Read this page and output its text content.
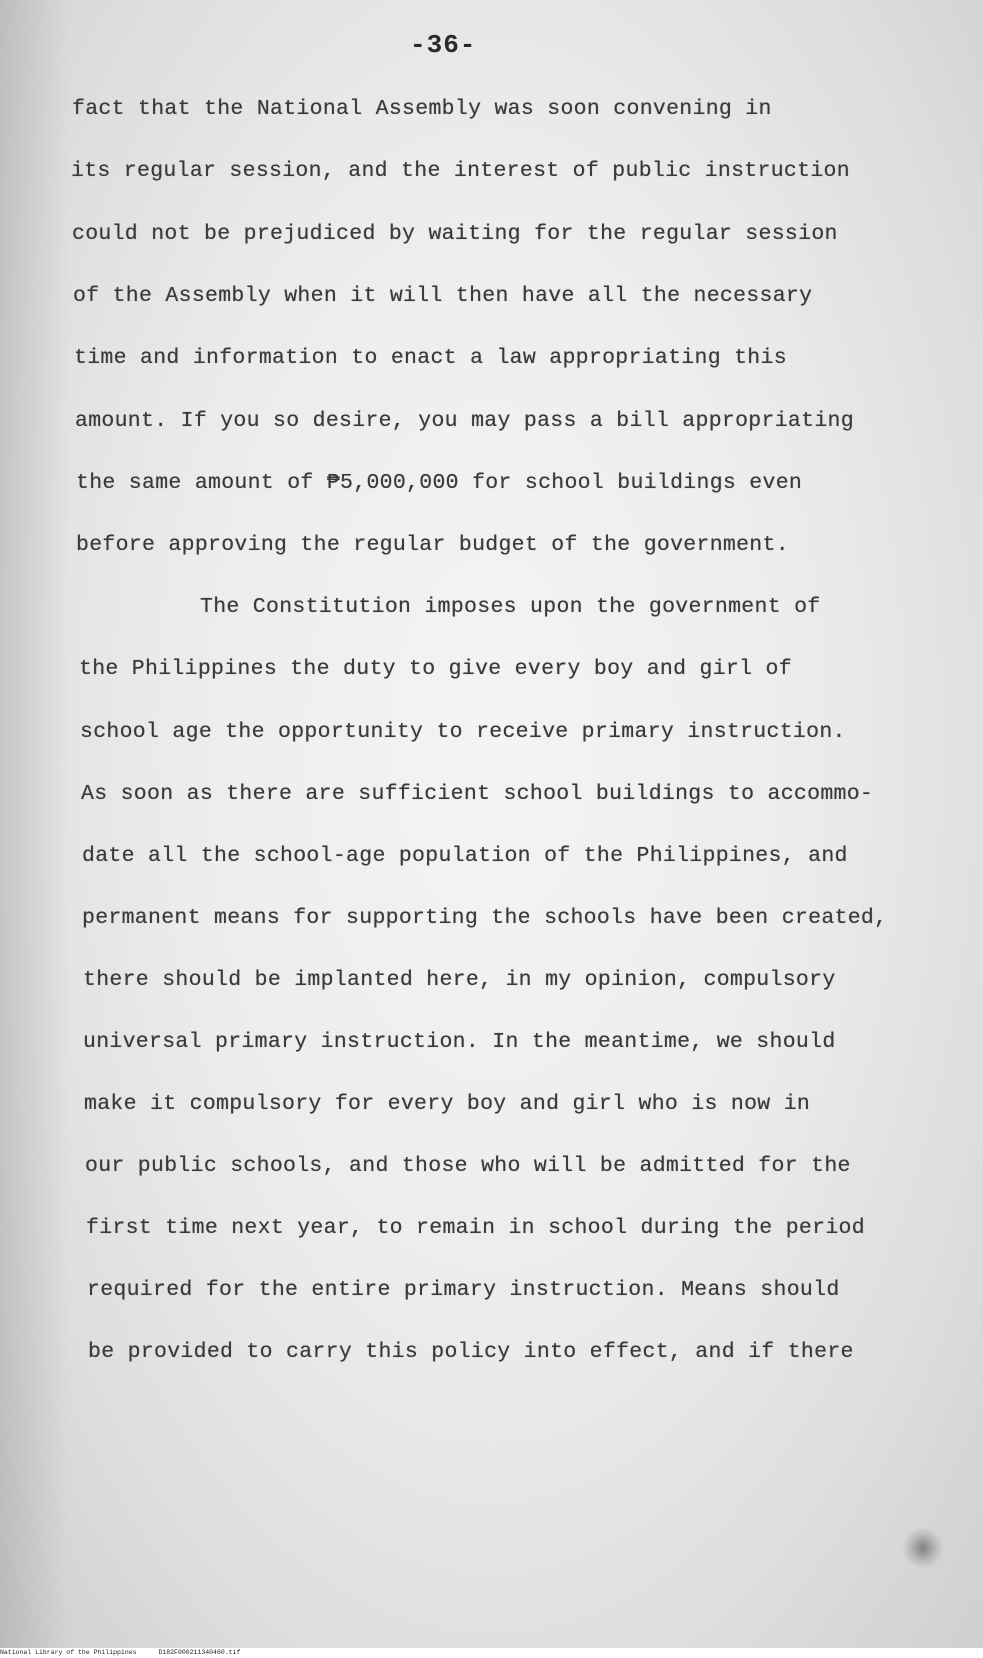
-36-
fact that the National Assembly was soon convening in
its regular session, and the interest of public instruction
could not be prejudiced by waiting for the regular session
of the Assembly when it will then have all the necessary
time and information to enact a law appropriating this
amount. If you so desire, you may pass a bill appropriating
the same amount of ₱5,000,000 for school buildings even
before approving the regular budget of the government.
The Constitution imposes upon the government of
the Philippines the duty to give every boy and girl of
school age the opportunity to receive primary instruction.
As soon as there are sufficient school buildings to accommo-
date all the school-age population of the Philippines, and
permanent means for supporting the schools have been created,
there should be implanted here, in my opinion, compulsory
universal primary instruction. In the meantime, we should
make it compulsory for every boy and girl who is now in
our public schools, and those who will be admitted for the
first time next year, to remain in school during the period
required for the entire primary instruction. Means should
be provided to carry this policy into effect, and if there
National Library of the Philippines	D182F000211340460.tif
